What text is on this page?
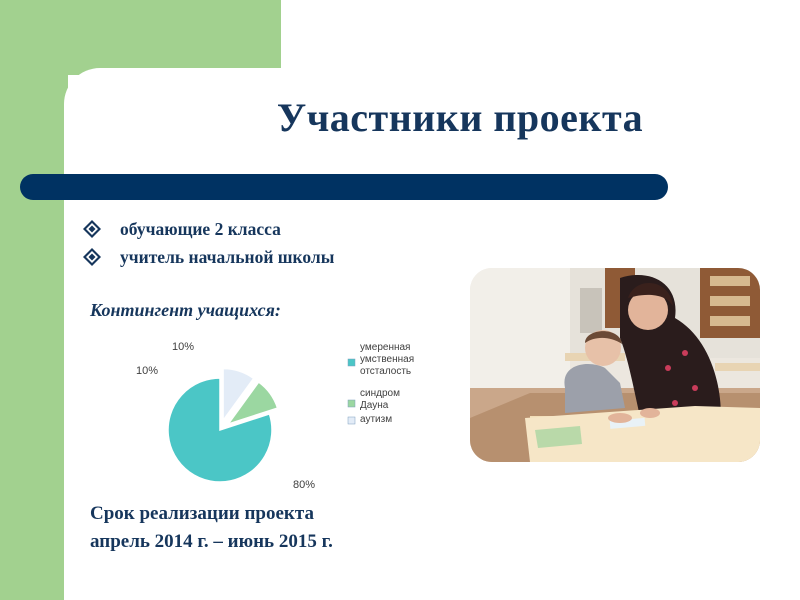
Участники проекта
обучающие 2 класса
учитель начальной школы
Контингент учащихся:
80%
10%
10%	умеренная умственная отсталость
синдром Дауна
аутизм
Срок реализации проекта
апрель 2014 г. – июнь 2015 г.
